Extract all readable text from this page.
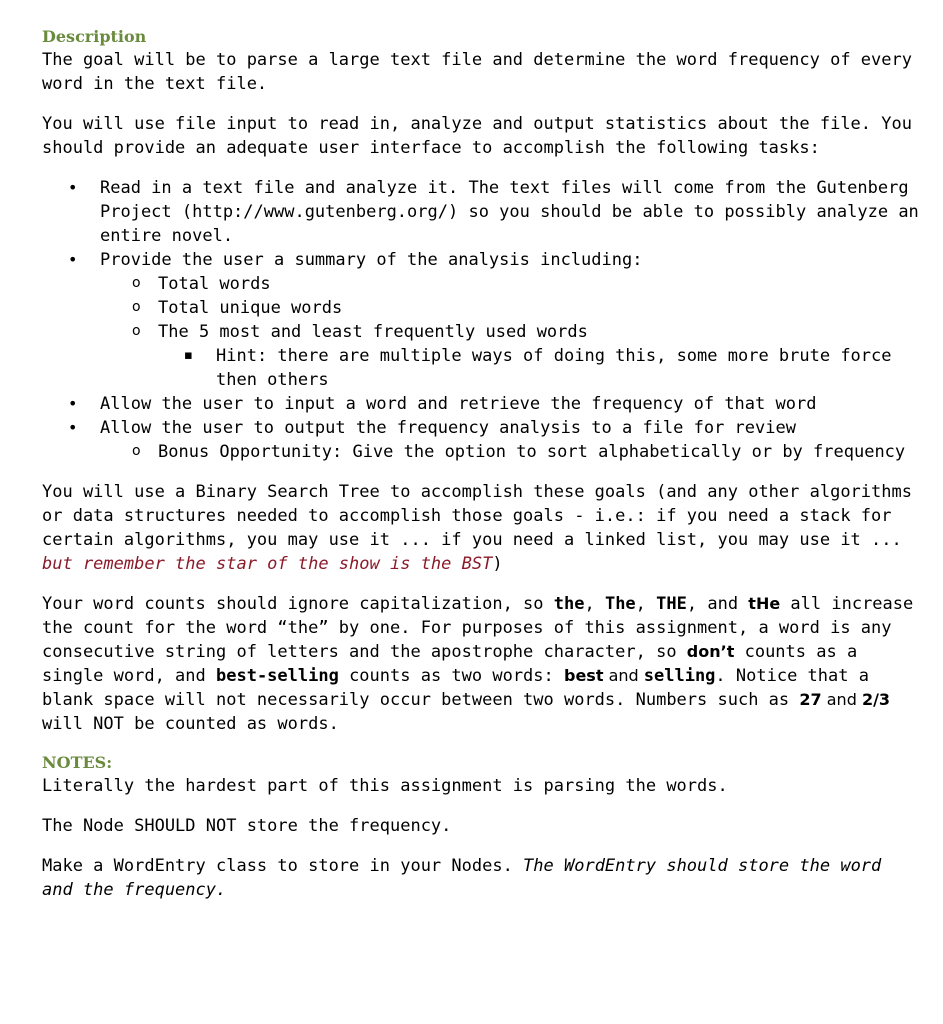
Description

The goal will be to parse a large text file and determine the word frequency of every word in the text file.

You will use file input to read in, analyze and output statistics about the file. You should provide an adequate user interface to accomplish the following tasks:

• Read in a text file and analyze it. The text files will come from the Gutenberg Project (http://www.gutenberg.org/) so you should be able to possibly analyze an entire novel.
• Provide the user a summary of the analysis including:
o Total words
o Total unique words
o The 5 most and least frequently used words
▪ Hint: there are multiple ways of doing this, some more brute force then others
• Allow the user to input a word and retrieve the frequency of that word
• Allow the user to output the frequency analysis to a file for review
o Bonus Opportunity: Give the option to sort alphabetically or by frequency

You will use a Binary Search Tree to accomplish these goals (and any other algorithms or data structures needed to accomplish those goals - i.e.: if you need a stack for certain algorithms, you may use it ... if you need a linked list, you may use it ... but remember the star of the show is the BST)

Your word counts should ignore capitalization, so the, The, THE, and tHe all increase the count for the word “the” by one. For purposes of this assignment, a word is any consecutive string of letters and the apostrophe character, so don’t counts as a single word, and best-selling counts as two words: best and selling. Notice that a blank space will not necessarily occur between two words. Numbers such as 27 and 2/3 will NOT be counted as words.

NOTES:

Literally the hardest part of this assignment is parsing the words.

The Node SHOULD NOT store the frequency.

Make a WordEntry class to store in your Nodes. The WordEntry should store the word and the frequency.
